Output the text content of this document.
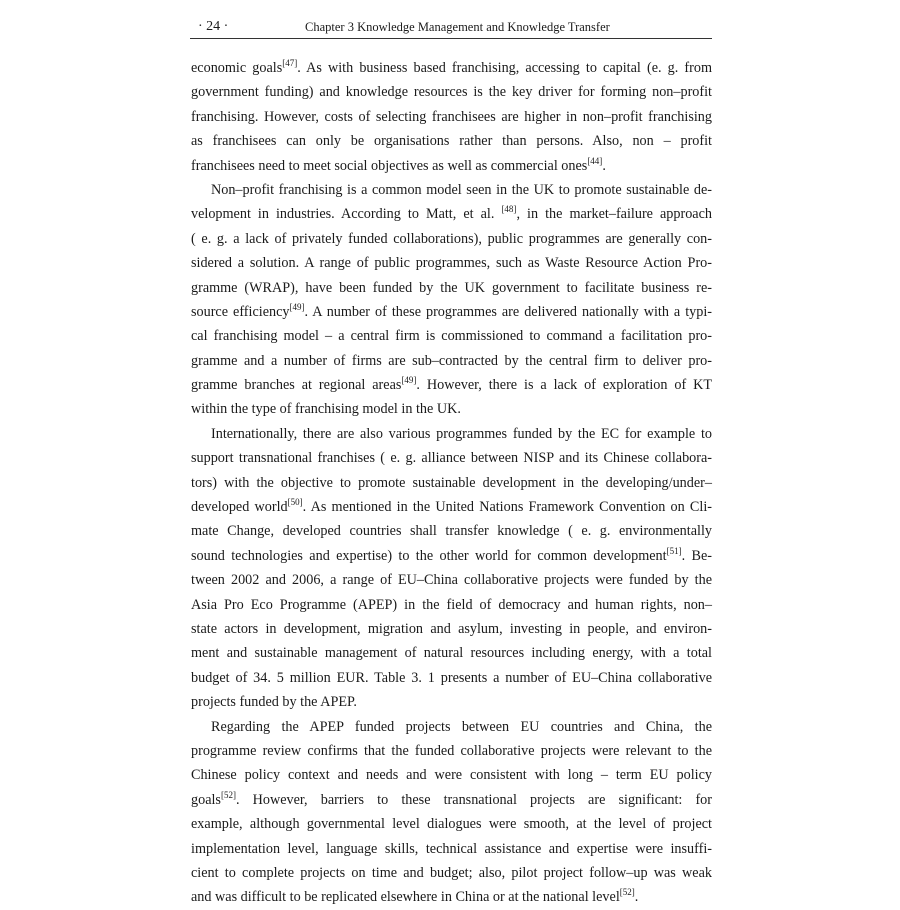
· 24 ·	Chapter 3 Knowledge Management and Knowledge Transfer
economic goals[47]. As with business based franchising, accessing to capital (e. g. from
government funding) and knowledge resources is the key driver for forming non–profit
franchising. However, costs of selecting franchisees are higher in non–profit franchising
as franchisees can only be organisations rather than persons. Also, non – profit
franchisees need to meet social objectives as well as commercial ones[44].
Non–profit franchising is a common model seen in the UK to promote sustainable de-
velopment in industries. According to Matt, et al. [48], in the market–failure approach
( e. g. a lack of privately funded collaborations), public programmes are generally con-
sidered a solution. A range of public programmes, such as Waste Resource Action Pro-
gramme (WRAP), have been funded by the UK government to facilitate business re-
source efficiency[49]. A number of these programmes are delivered nationally with a typi-
cal franchising model – a central firm is commissioned to command a facilitation pro-
gramme and a number of firms are sub–contracted by the central firm to deliver pro-
gramme branches at regional areas[49]. However, there is a lack of exploration of KT
within the type of franchising model in the UK.
Internationally, there are also various programmes funded by the EC for example to
support transnational franchises ( e. g. alliance between NISP and its Chinese collabora-
tors) with the objective to promote sustainable development in the developing/under–
developed world[50]. As mentioned in the United Nations Framework Convention on Cli-
mate Change, developed countries shall transfer knowledge ( e. g. environmentally
sound technologies and expertise) to the other world for common development[51]. Be-
tween 2002 and 2006, a range of EU–China collaborative projects were funded by the
Asia Pro Eco Programme (APEP) in the field of democracy and human rights, non–
state actors in development, migration and asylum, investing in people, and environ-
ment and sustainable management of natural resources including energy, with a total
budget of 34. 5 million EUR. Table 3. 1 presents a number of EU–China collaborative
projects funded by the APEP.
Regarding the APEP funded projects between EU countries and China, the
programme review confirms that the funded collaborative projects were relevant to the
Chinese policy context and needs and were consistent with long – term EU policy
goals[52]. However, barriers to these transnational projects are significant: for
example, although governmental level dialogues were smooth, at the level of project
implementation level, language skills, technical assistance and expertise were insuffi-
cient to complete projects on time and budget; also, pilot project follow–up was weak
and was difficult to be replicated elsewhere in China or at the national level[52].
